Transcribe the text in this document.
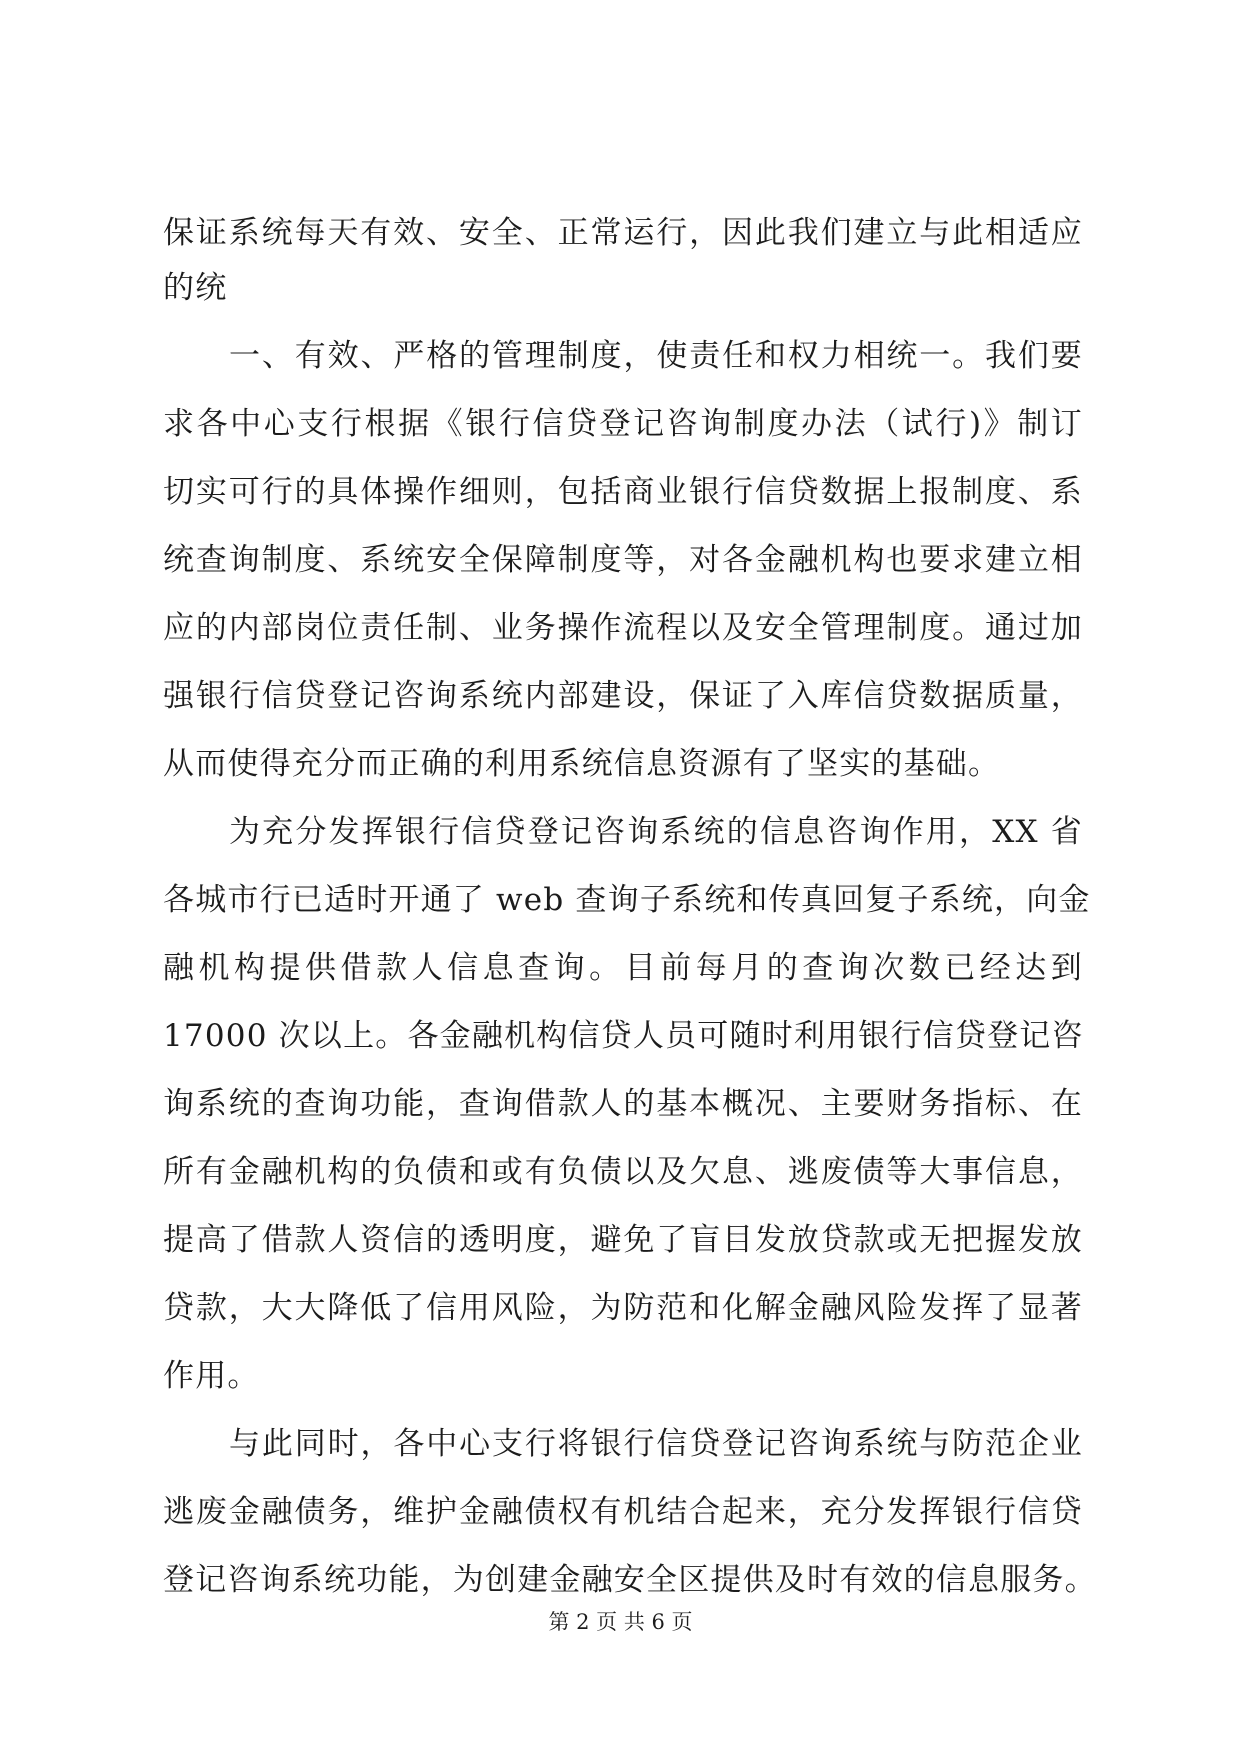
保证系统每天有效、安全、正常运行，因此我们建立与此相适应
的统
一、有效、严格的管理制度，使责任和权力相统一。我们要
求各中心支行根据《银行信贷登记咨询制度办法（试行)》制订
切实可行的具体操作细则，包括商业银行信贷数据上报制度、系
统查询制度、系统安全保障制度等，对各金融机构也要求建立相
应的内部岗位责任制、业务操作流程以及安全管理制度。通过加
强银行信贷登记咨询系统内部建设，保证了入库信贷数据质量，
从而使得充分而正确的利用系统信息资源有了坚实的基础。
为充分发挥银行信贷登记咨询系统的信息咨询作用，XX 省
各城市行已适时开通了 web 查询子系统和传真回复子系统，向金
融机构提供借款人信息查询。目前每月的查询次数已经达到
17000 次以上。各金融机构信贷人员可随时利用银行信贷登记咨
询系统的查询功能，查询借款人的基本概况、主要财务指标、在
所有金融机构的负债和或有负债以及欠息、逃废债等大事信息，
提高了借款人资信的透明度，避免了盲目发放贷款或无把握发放
贷款，大大降低了信用风险，为防范和化解金融风险发挥了显著
作用。
与此同时，各中心支行将银行信贷登记咨询系统与防范企业
逃废金融债务，维护金融债权有机结合起来，充分发挥银行信贷
登记咨询系统功能，为创建金融安全区提供及时有效的信息服务。
第 2 页 共 6 页
